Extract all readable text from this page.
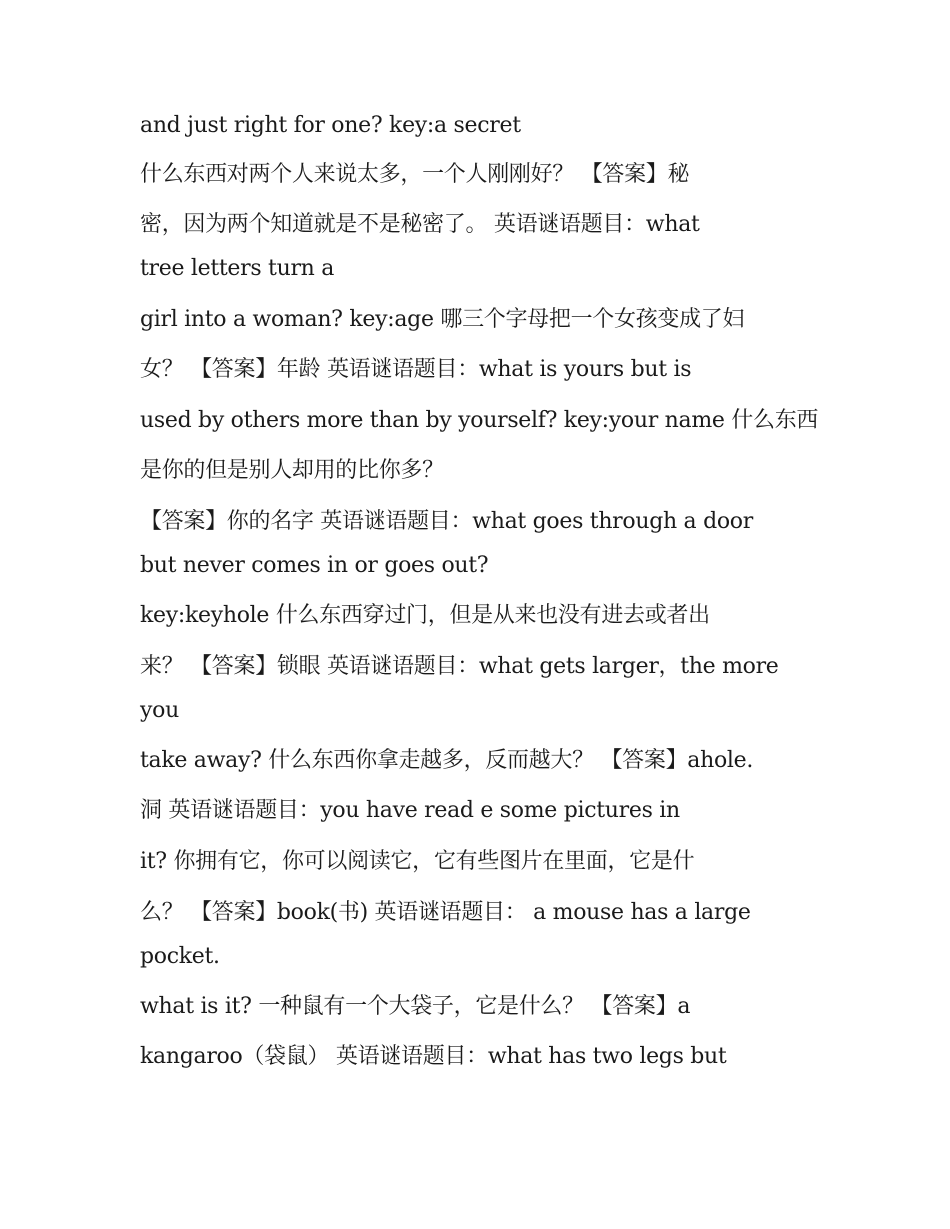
and just right for one? key:a secret
什么东西对两个人来说太多，一个人刚刚好？ 【答案】秘
密，因为两个知道就是不是秘密了。 英语谜语题目：what
tree letters turn a
girl into a woman? key:age 哪三个字母把一个女孩变成了妇
女？ 【答案】年龄 英语谜语题目：what is yours but is
used by others more than by yourself? key:your name 什么东西
是你的但是别人却用的比你多？
【答案】你的名字 英语谜语题目：what goes through a door
but never comes in or goes out?
key:keyhole 什么东西穿过门，但是从来也没有进去或者出
来？ 【答案】锁眼 英语谜语题目：what gets larger，the more
you
take away? 什么东西你拿走越多，反而越大？ 【答案】ahole.
洞 英语谜语题目：you have read e some pictures in
it? 你拥有它，你可以阅读它，它有些图片在里面，它是什
么？ 【答案】book(书) 英语谜语题目： a mouse has a large
pocket.
what is it? 一种鼠有一个大袋子，它是什么？ 【答案】a
kangaroo（袋鼠） 英语谜语题目：what has two legs but
